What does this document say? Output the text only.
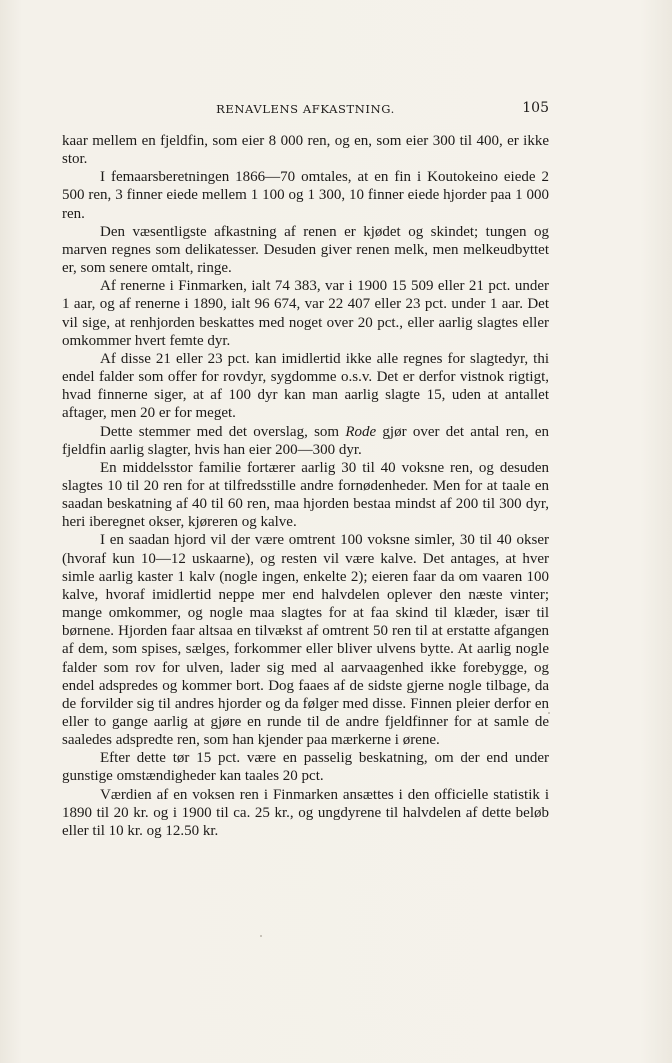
RENAVLENS AFKASTNING.	105

kaar mellem en fjeldfin, som eier 8 000 ren, og en, som eier 300 til 400, er ikke stor.

I femaarsberetningen 1866—70 omtales, at en fin i Koutokeino eiede 2 500 ren, 3 finner eiede mellem 1 100 og 1 300, 10 finner eiede hjorder paa 1 000 ren.

Den væsentligste afkastning af renen er kjødet og skindet; tungen og marven regnes som delikatesser. Desuden giver renen melk, men melkeudbyttet er, som senere omtalt, ringe.

Af renerne i Finmarken, ialt 74 383, var i 1900 15 509 eller 21 pct. under 1 aar, og af renerne i 1890, ialt 96 674, var 22 407 eller 23 pct. under 1 aar. Det vil sige, at renhjorden beskattes med noget over 20 pct., eller aarlig slagtes eller omkommer hvert femte dyr.

Af disse 21 eller 23 pct. kan imidlertid ikke alle regnes for slagtedyr, thi endel falder som offer for rovdyr, sygdomme o.s.v. Det er derfor vistnok rigtigt, hvad finnerne siger, at af 100 dyr kan man aarlig slagte 15, uden at antallet aftager, men 20 er for meget.

Dette stemmer med det overslag, som Rode gjør over det antal ren, en fjeldfin aarlig slagter, hvis han eier 200—300 dyr.

En middelsstor familie fortærer aarlig 30 til 40 voksne ren, og desuden slagtes 10 til 20 ren for at tilfredsstille andre fornødenheder. Men for at taale en saadan beskatning af 40 til 60 ren, maa hjorden bestaa mindst af 200 til 300 dyr, heri iberegnet okser, kjøreren og kalve.

I en saadan hjord vil der være omtrent 100 voksne simler, 30 til 40 okser (hvoraf kun 10—12 uskaarne), og resten vil være kalve. Det antages, at hver simle aarlig kaster 1 kalv (nogle ingen, enkelte 2); eieren faar da om vaaren 100 kalve, hvoraf imidlertid neppe mer end halvdelen oplever den næste vinter; mange omkommer, og nogle maa slagtes for at faa skind til klæder, især til børnene. Hjorden faar altsaa en tilvækst af omtrent 50 ren til at erstatte afgangen af dem, som spises, sælges, forkommer eller bliver ulvens bytte. At aarlig nogle falder som rov for ulven, lader sig med al aarvaagenhed ikke forebygge, og endel adspredes og kommer bort. Dog faaes af de sidste gjerne nogle tilbage, da de forvilder sig til andres hjorder og da følger med disse. Finnen pleier derfor en eller to gange aarlig at gjøre en runde til de andre fjeldfinner for at samle de saaledes adspredte ren, som han kjender paa mærkerne i ørene.

Efter dette tør 15 pct. være en passelig beskatning, om der end under gunstige omstændigheder kan taales 20 pct.

Værdien af en voksen ren i Finmarken ansættes i den officielle statistik i 1890 til 20 kr. og i 1900 til ca. 25 kr., og ungdyrene til halvdelen af dette beløb eller til 10 kr. og 12.50 kr.
